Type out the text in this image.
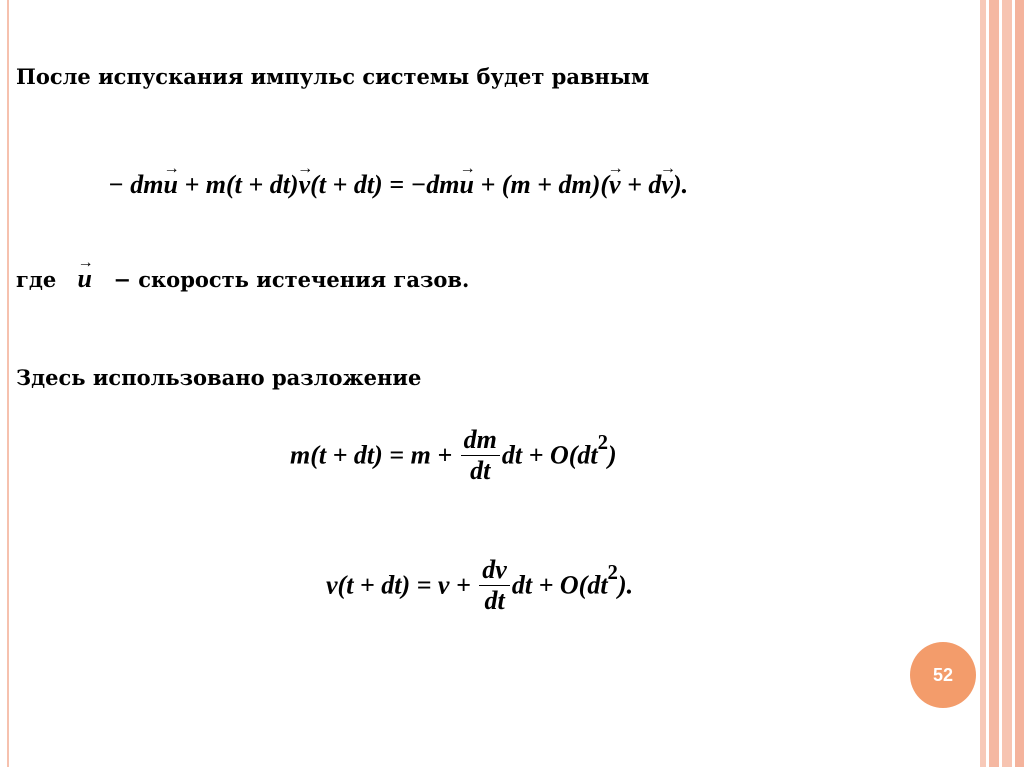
После испускания импульс системы будет равным
− dm→ u + m(t + dt)→ v(t + dt) = −dm→ u + (m + dm)(→ v + d→ v).
где → u − скорость истечения газов.
Здесь использовано разложение
$m(t + dt) = m + \frac{dm}{dt}$ dt + $O(dt^2)$
$v(t + dt) = v + \frac{dv}{dt}$ dt + $O(dt^2)$.
52
